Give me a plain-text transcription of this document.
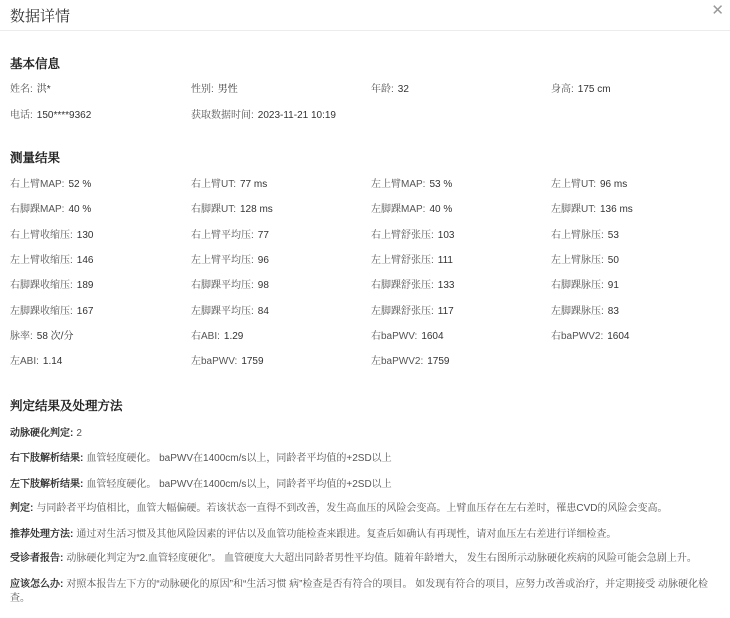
数据详情	✕
基本信息
姓名: 洪*	性别: 男性	年龄: 32	身高: 175 cm
电话: 150****9362	获取数据时间: 2023-11-21 10:19
测量结果
右上臂MAP: 52 %	右上臂UT: 77 ms	左上臂MAP: 53 %	左上臂UT: 96 ms
右脚踝MAP: 40 %	右脚踝UT: 128 ms	左脚踝MAP: 40 %	左脚踝UT: 136 ms
右上臂收缩压: 130	右上臂平均压: 77	右上臂舒张压: 103	右上臂脉压: 53
左上臂收缩压: 146	左上臂平均压: 96	左上臂舒张压: 111	左上臂脉压: 50
右脚踝收缩压: 189	右脚踝平均压: 98	右脚踝舒张压: 133	右脚踝脉压: 91
左脚踝收缩压: 167	左脚踝平均压: 84	左脚踝舒张压: 117	左脚踝脉压: 83
脉率: 58 次/分	右ABI: 1.29	右baPWV: 1604	右baPWV2: 1604
左ABI: 1.14	左baPWV: 1759	左baPWV2: 1759
判定结果及处理方法
动脉硬化判定: 2
右下肢解析结果: 血管轻度硬化。 baPWV在1400cm/s以上，同龄者平均值的+2SD以上
左下肢解析结果: 血管轻度硬化。 baPWV在1400cm/s以上，同龄者平均值的+2SD以上
判定: 与同龄者平均值相比，血管大幅偏硬。若该状态一直得不到改善，发生高血压的风险会变高。上臂血压存在左右差时，罹患CVD的风险会变高。
推荐处理方法: 通过对生活习惯及其他风险因素的评估以及血管功能检查来跟进。复查后如确认有再现性，请对血压左右差进行详细检查。
受诊者报告: 动脉硬化判定为“2.血管轻度硬化”。 血管硬度大大超出同龄者男性平均值。随着年龄增大， 发生右图所示动脉硬化疾病的风险可能会急剧上升。
应该怎么办: 对照本报告左下方的“动脉硬化的原因”和“生活习惯 病”检查是否有符合的项目。 如发现有符合的项目，应努力改善或治疗，并定期接受 动脉硬化检查。
